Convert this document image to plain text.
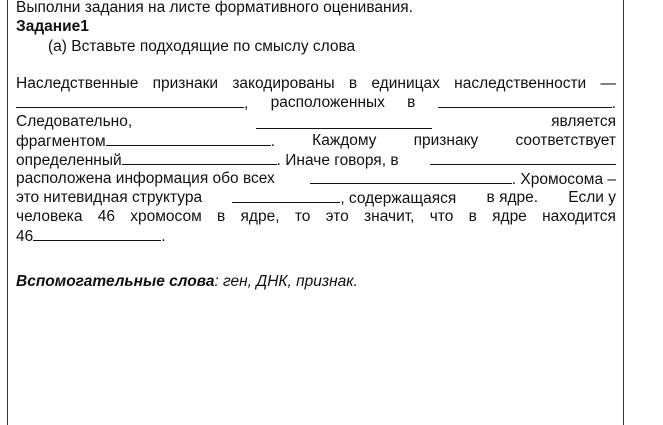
Выполни задания на листе формативного оценивания.
Задание1
(а) Вставьте подходящие по смыслу слова
Наследственные признаки закодированы в единицах наследственности —
, расположенных в	.
Следовательно,	является
фрагментом	. Каждому признаку соответствует
определенный	. Иначе говоря, в
расположена информация обо всех	. Хромосома –
это нитевидная структура	, содержащаяся в ядре. Если у
человека 46 хромосом в ядре, то это значит, что в ядре находится
46	.
Вспомогательные слова: ген, ДНК, признак.
